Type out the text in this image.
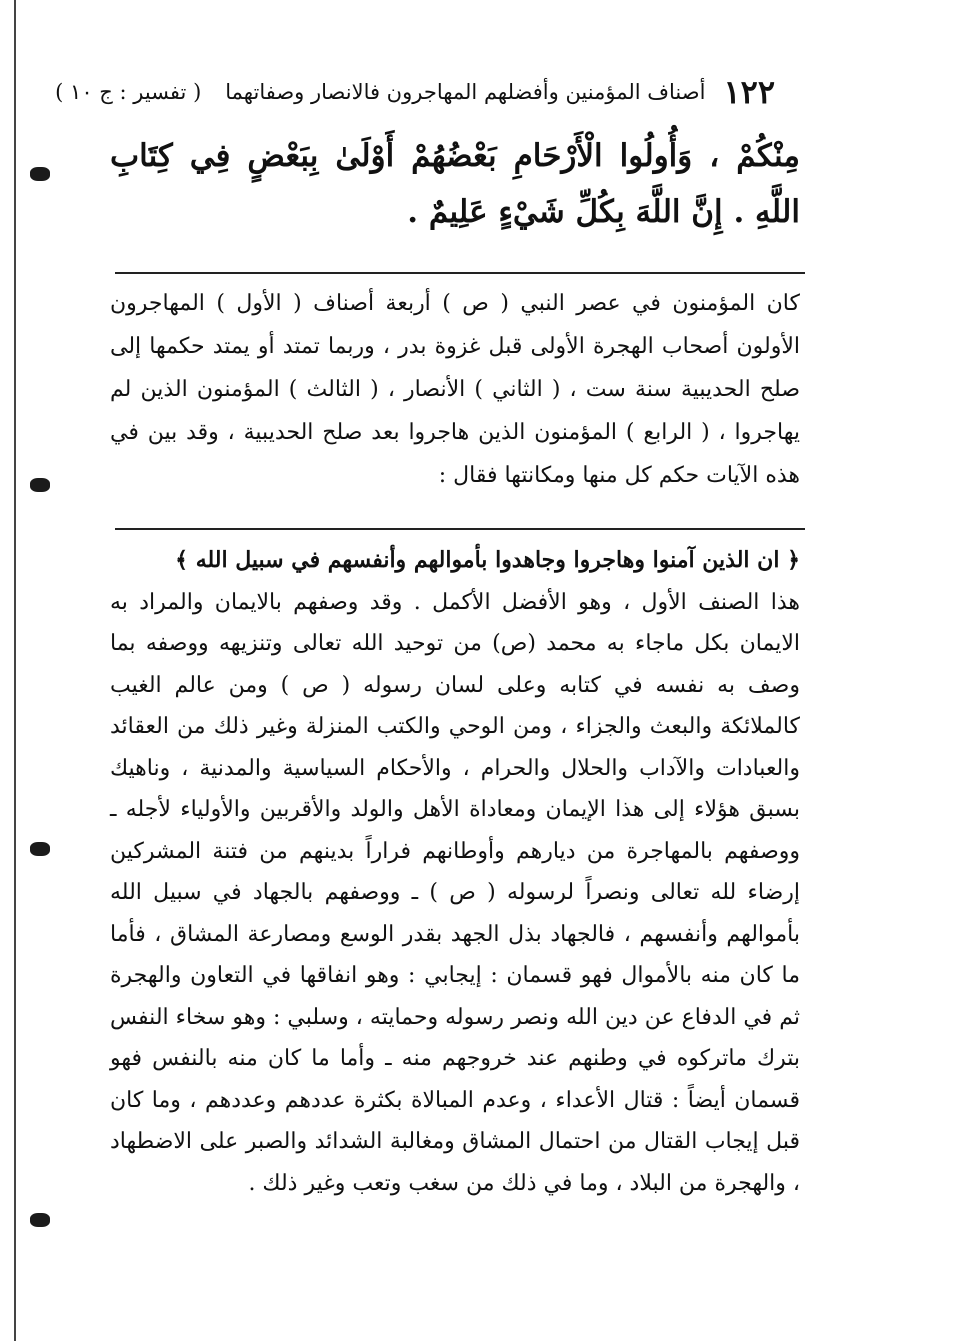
١٢٢
أصناف المؤمنين وأفضلهم المهاجرون فالانصار وصفاتهما
( تفسير : ج ١٠ )
مِنْكُمْ ، وَأُولُوا الْأَرْحَامِ بَعْضُهُمْ أَوْلَىٰ بِبَعْضٍ فِي كِتَابِ اللَّهِ . إِنَّ اللَّهَ بِكُلِّ شَيْءٍ عَلِيمٌ .

كان المؤمنون في عصر النبي ( ص ) أربعة أصناف ( الأول ) المهاجرون الأولون أصحاب الهجرة الأولى قبل غزوة بدر ، وربما تمتد أو يمتد حكمها إلى صلح الحديبية سنة ست ، ( الثاني ) الأنصار ، ( الثالث ) المؤمنون الذين لم يهاجروا ، ( الرابع ) المؤمنون الذين هاجروا بعد صلح الحديبية ، وقد بين في هذه الآيات حكم كل منها ومكانتها فقال :

﴿ ان الذين آمنوا وهاجروا وجاهدوا بأموالهم وأنفسهم في سبيل الله ﴾

هذا الصنف الأول ، وهو الأفضل الأكمل . وقد وصفهم بالايمان والمراد به الايمان بكل ماجاء به محمد (ص) من توحيد الله تعالى وتنزيهه ووصفه بما وصف به نفسه في كتابه وعلى لسان رسوله ( ص ) ومن عالم الغيب كالملائكة والبعث والجزاء ، ومن الوحي والكتب المنزلة وغير ذلك من العقائد والعبادات والآداب والحلال والحرام ، والأحكام السياسية والمدنية ، وناهيك بسبق هؤلاء إلى هذا الإيمان ومعاداة الأهل والولد والأقربين والأولياء لأجله ـ ووصفهم بالمهاجرة من ديارهم وأوطانهم فراراً بدينهم من فتنة المشركين إرضاء لله تعالى ونصراً لرسوله ( ص ) ـ ووصفهم بالجهاد في سبيل الله بأموالهم وأنفسهم ، فالجهاد بذل الجهد بقدر الوسع ومصارعة المشاق ، فأما ما كان منه بالأموال فهو قسمان : إيجابي : وهو انفاقها في التعاون والهجرة ثم في الدفاع عن دين الله ونصر رسوله وحمايته ، وسلبي : وهو سخاء النفس بترك ماتركوه في وطنهم عند خروجهم منه ـ وأما ما كان منه بالنفس فهو قسمان أيضاً : قتال الأعداء ، وعدم المبالاة بكثرة عددهم وعددهم ، وما كان قبل إيجاب القتال من احتمال المشاق ومغالبة الشدائد والصبر على الاضطهاد ، والهجرة من البلاد ، وما في ذلك من سغب وتعب وغير ذلك .
